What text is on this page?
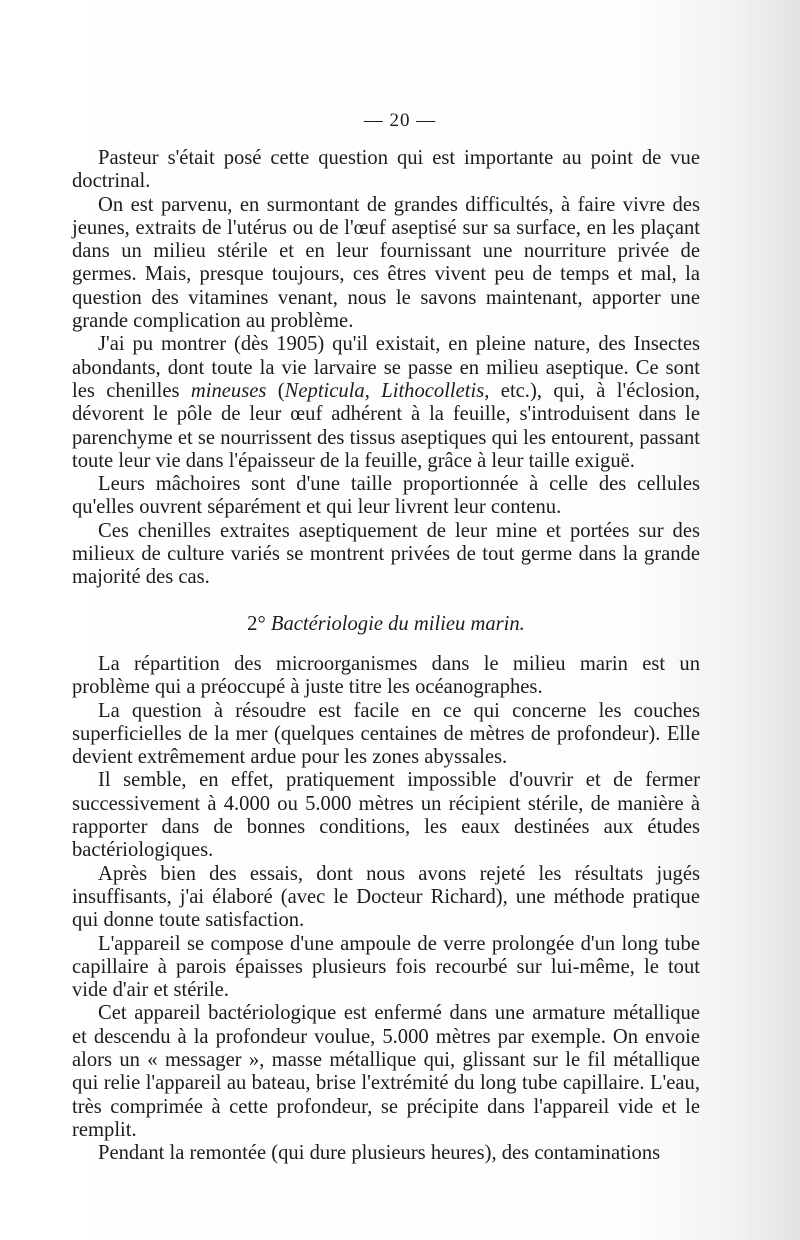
— 20 —

Pasteur s'était posé cette question qui est importante au point de vue doctrinal.

On est parvenu, en surmontant de grandes difficultés, à faire vivre des jeunes, extraits de l'utérus ou de l'œuf aseptisé sur sa surface, en les plaçant dans un milieu stérile et en leur fournissant une nourriture privée de germes. Mais, presque toujours, ces êtres vivent peu de temps et mal, la question des vitamines venant, nous le savons maintenant, apporter une grande complication au problème.

J'ai pu montrer (dès 1905) qu'il existait, en pleine nature, des Insectes abondants, dont toute la vie larvaire se passe en milieu aseptique. Ce sont les chenilles mineuses (Nepticula, Lithocolletis, etc.), qui, à l'éclosion, dévorent le pôle de leur œuf adhérent à la feuille, s'introduisent dans le parenchyme et se nourrissent des tissus aseptiques qui les entourent, passant toute leur vie dans l'épaisseur de la feuille, grâce à leur taille exiguë.

Leurs mâchoires sont d'une taille proportionnée à celle des cellules qu'elles ouvrent séparément et qui leur livrent leur contenu.

Ces chenilles extraites aseptiquement de leur mine et portées sur des milieux de culture variés se montrent privées de tout germe dans la grande majorité des cas.

2° Bactériologie du milieu marin.

La répartition des microorganismes dans le milieu marin est un problème qui a préoccupé à juste titre les océanographes.

La question à résoudre est facile en ce qui concerne les couches superficielles de la mer (quelques centaines de mètres de profondeur). Elle devient extrêmement ardue pour les zones abyssales.

Il semble, en effet, pratiquement impossible d'ouvrir et de fermer successivement à 4.000 ou 5.000 mètres un récipient stérile, de manière à rapporter dans de bonnes conditions, les eaux destinées aux études bactériologiques.

Après bien des essais, dont nous avons rejeté les résultats jugés insuffisants, j'ai élaboré (avec le Docteur Richard), une méthode pratique qui donne toute satisfaction.

L'appareil se compose d'une ampoule de verre prolongée d'un long tube capillaire à parois épaisses plusieurs fois recourbé sur lui-même, le tout vide d'air et stérile.

Cet appareil bactériologique est enfermé dans une armature métallique et descendu à la profondeur voulue, 5.000 mètres par exemple. On envoie alors un « messager », masse métallique qui, glissant sur le fil métallique qui relie l'appareil au bateau, brise l'extrémité du long tube capillaire. L'eau, très comprimée à cette profondeur, se précipite dans l'appareil vide et le remplit.

Pendant la remontée (qui dure plusieurs heures), des contaminations
